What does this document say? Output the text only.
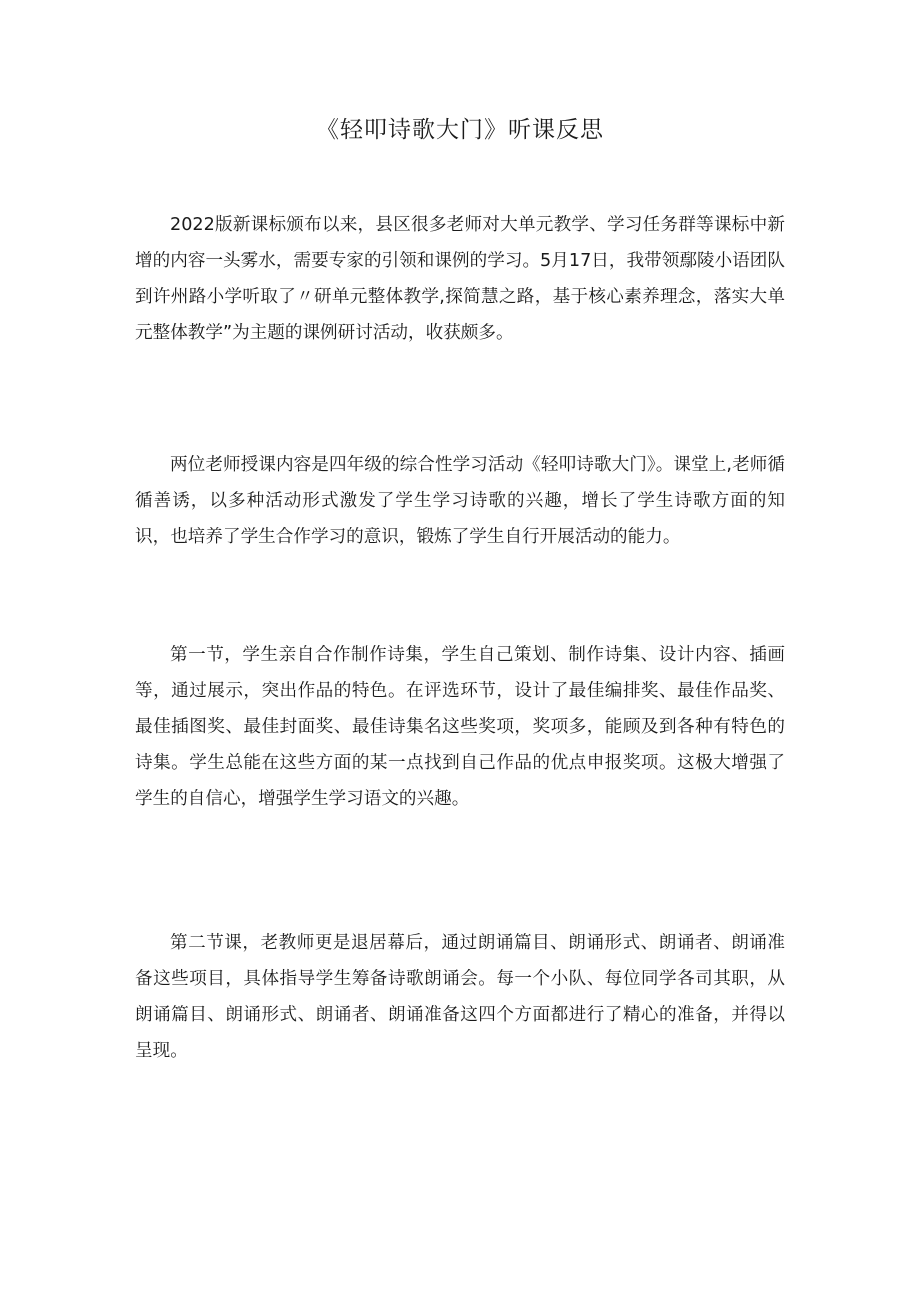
《轻叩诗歌大门》听课反思

2022版新课标颁布以来，县区很多老师对大单元教学、学习任务群等课标中新增的内容一头雾水，需要专家的引领和课例的学习。5月17日，我带领鄢陵小语团队到许州路小学听取了〃研单元整体教学,探简慧之路，基于核心素养理念，落实大单元整体教学”为主题的课例研讨活动，收获颇多。

两位老师授课内容是四年级的综合性学习活动《轻叩诗歌大门》。课堂上,老师循循善诱，以多种活动形式激发了学生学习诗歌的兴趣，增长了学生诗歌方面的知识，也培养了学生合作学习的意识，锻炼了学生自行开展活动的能力。

第一节，学生亲自合作制作诗集，学生自己策划、制作诗集、设计内容、插画等，通过展示，突出作品的特色。在评选环节，设计了最佳编排奖、最佳作品奖、最佳插图奖、最佳封面奖、最佳诗集名这些奖项，奖项多，能顾及到各种有特色的诗集。学生总能在这些方面的某一点找到自己作品的优点申报奖项。这极大增强了学生的自信心，增强学生学习语文的兴趣。

第二节课，老教师更是退居幕后，通过朗诵篇目、朗诵形式、朗诵者、朗诵准备这些项目，具体指导学生筹备诗歌朗诵会。每一个小队、每位同学各司其职，从朗诵篇目、朗诵形式、朗诵者、朗诵准备这四个方面都进行了精心的准备，并得以呈现。
